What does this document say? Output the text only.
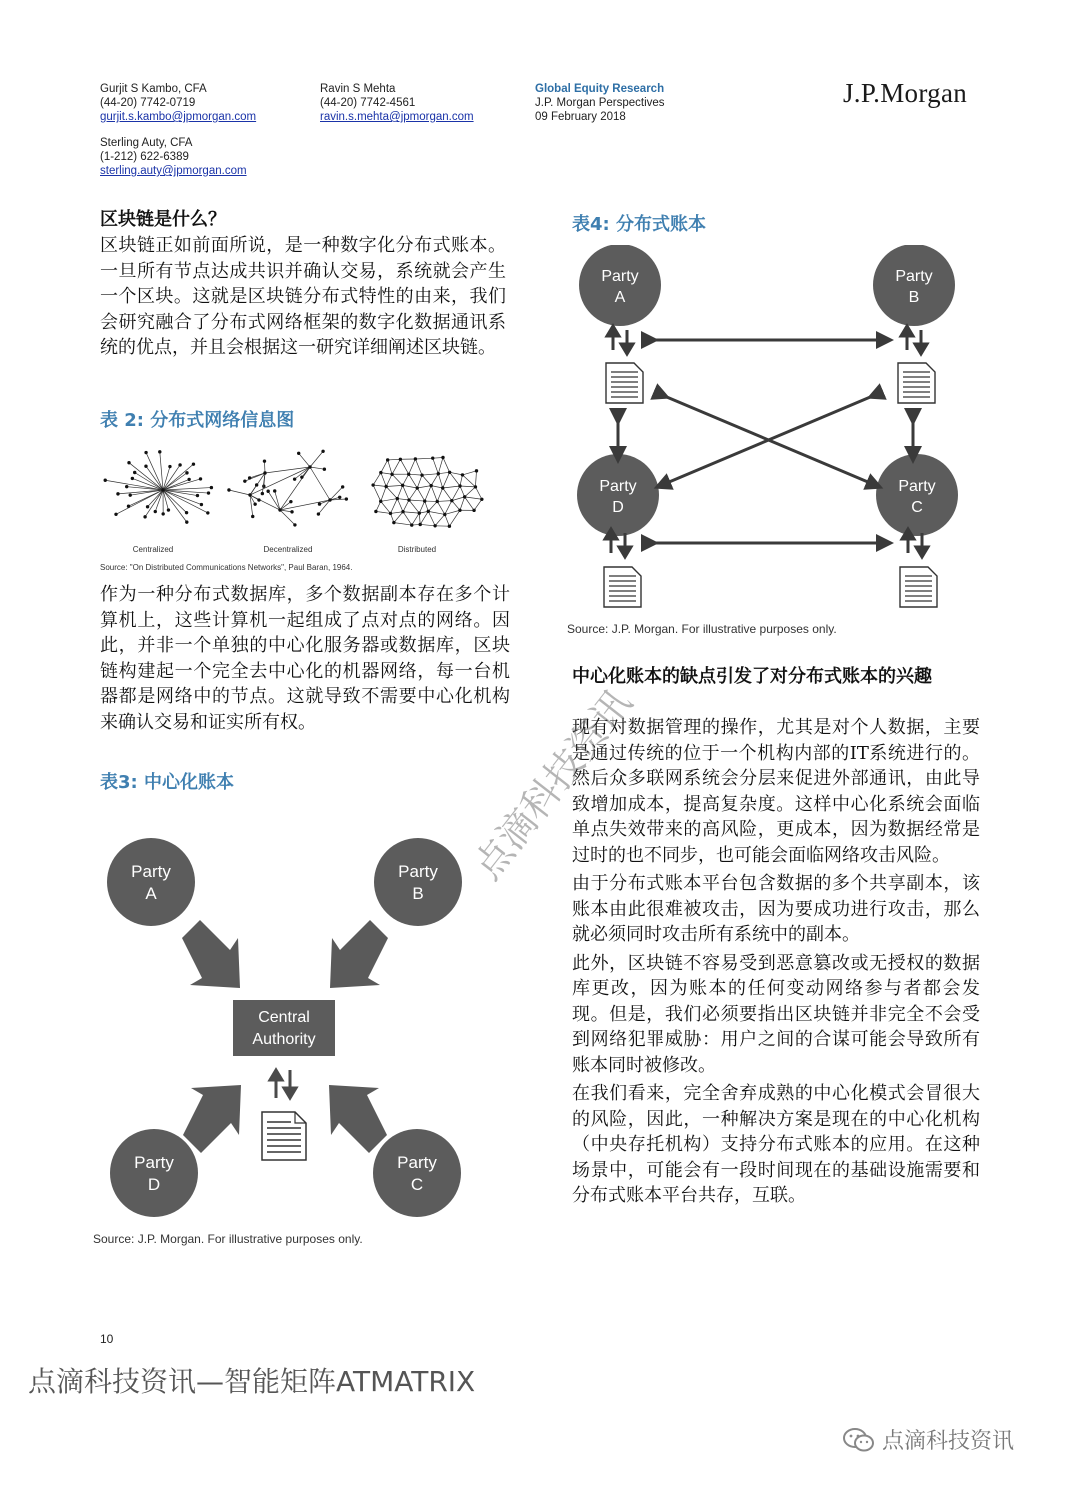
Gurjit S Kambo, CFA
(44-20) 7742-0719
gurjit.s.kambo@jpmorgan.com
Ravin S Mehta
(44-20) 7742-4561
ravin.s.mehta@jpmorgan.com
Sterling Auty, CFA
(1-212) 622-6389
sterling.auty@jpmorgan.com
Global Equity Research
J.P. Morgan Perspectives
09 February 2018
J.P.Morgan
区块链是什么？

区块链正如前面所说，是一种数字化分布式账本。一旦所有节点达成共识并确认交易，系统就会产生一个区块。这就是区块链分布式特性的由来，我们会研究融合了分布式网络框架的数字化数据通讯系统的优点，并且会根据这一研究详细阐述区块链。

表 2: 分布式网络信息图
Centralized	Decentralized	Distributed
Source: "On Distributed Communications Networks", Paul Baran, 1964.

作为一种分布式数据库，多个数据副本存在多个计算机上，这些计算机一起组成了点对点的网络。因此，并非一个单独的中心化服务器或数据库，区块链构建起一个完全去中心化的机器网络，每一台机器都是网络中的节点。这就导致不需要中心化机构来确认交易和证实所有权。

表3: 中心化账本
Party
A
Party
B
Party
D
Party
C
Central
Authority
Source: J.P. Morgan. For illustrative purposes only.
表4: 分布式账本
Party
A
Party
B
Party
D
Party
C
Source: J.P. Morgan. For illustrative purposes only.
中心化账本的缺点引发了对分布式账本的兴趣

现有对数据管理的操作，尤其是对个人数据，主要是通过传统的位于一个机构内部的IT系统进行的。然后众多联网系统会分层来促进外部通讯，由此导致增加成本，提高复杂度。这样中心化系统会面临单点失效带来的高风险，更成本，因为数据经常是过时的也不同步，也可能会面临网络攻击风险。

由于分布式账本平台包含数据的多个共享副本，该账本由此很难被攻击，因为要成功进行攻击，那么就必须同时攻击所有系统中的副本。

此外，区块链不容易受到恶意篡改或无授权的数据库更改，因为账本的任何变动网络参与者都会发现。但是，我们必须要指出区块链并非完全不会受到网络犯罪威胁：用户之间的合谋可能会导致所有账本同时被修改。

在我们看来，完全舍弃成熟的中心化模式会冒很大的风险，因此，一种解决方案是现在的中心化机构（中央存托机构）支持分布式账本的应用。在这种场景中，可能会有一段时间现在的基础设施需要和分布式账本平台共存，互联。

10
点滴科技资讯
点滴科技资讯—智能矩阵ATMATRIX
点滴科技资讯
